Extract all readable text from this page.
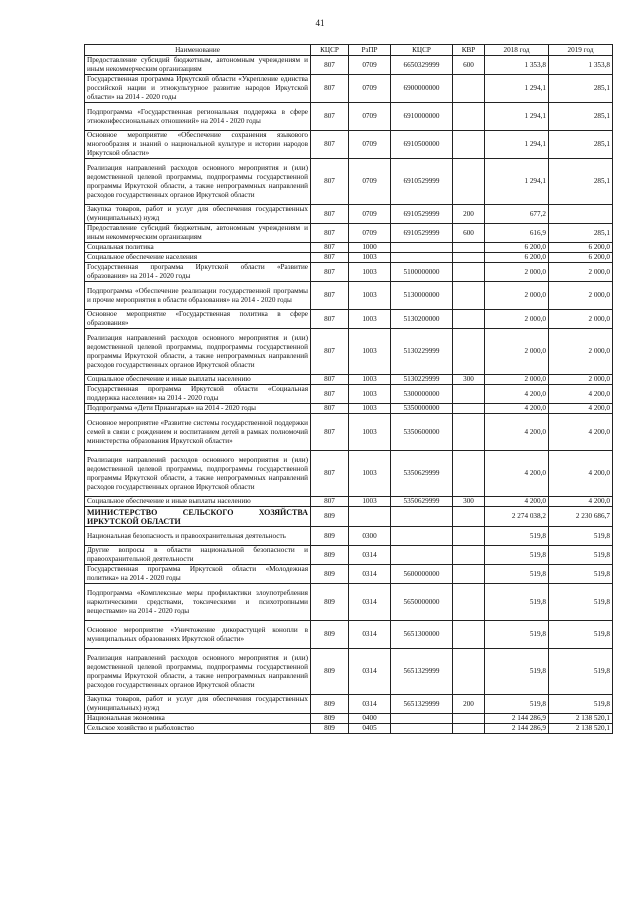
41
Наименование	КЦСР	РзПР	КЦСР	КВР	2018 год	2019 год
Предоставление субсидий бюджетным, автономным учреждениям и иным некоммерческим организациям	807	0709	6650329999	600	1 353,8	1 353,8
Государственная программа Иркутской области «Укрепление единства российской нации и этнокультурное развитие народов Иркутской области» на 2014 - 2020 годы	807	0709	6900000000		1 294,1	285,1
Подпрограмма «Государственная региональная поддержка в сфере этноконфессиональных отношений» на 2014 - 2020 годы	807	0709	6910000000		1 294,1	285,1
Основное мероприятие «Обеспечение сохранения языкового многообразия и знаний о национальной культуре и истории народов Иркутской области»	807	0709	6910500000		1 294,1	285,1
Реализация направлений расходов основного мероприятия и (или) ведомственной целевой программы, подпрограммы государственной программы Иркутской области, а также непрограммных направлений расходов государственных органов Иркутской области	807	0709	6910529999		1 294,1	285,1
Закупка товаров, работ и услуг для обеспечения государственных (муниципальных) нужд	807	0709	6910529999	200	677,2	
Предоставление субсидий бюджетным, автономным учреждениям и иным некоммерческим организациям	807	0709	6910529999	600	616,9	285,1
Социальная политика	807	1000			6 200,0	6 200,0
Социальное обеспечение населения	807	1003			6 200,0	6 200,0
Государственная программа Иркутской области «Развитие образования» на 2014 - 2020 годы	807	1003	5100000000		2 000,0	2 000,0
Подпрограмма «Обеспечение реализации государственной программы и прочие мероприятия в области образования» на 2014 - 2020 годы	807	1003	5130000000		2 000,0	2 000,0
Основное мероприятие «Государственная политика в сфере образования»	807	1003	5130200000		2 000,0	2 000,0
Реализация направлений расходов основного мероприятия и (или) ведомственной целевой программы, подпрограммы государственной программы Иркутской области, а также непрограммных направлений расходов государственных органов Иркутской области	807	1003	5130229999		2 000,0	2 000,0
Социальное обеспечение и иные выплаты населению	807	1003	5130229999	300	2 000,0	2 000,0
Государственная программа Иркутской области «Социальная поддержка населения» на 2014 - 2020 годы	807	1003	5300000000		4 200,0	4 200,0
Подпрограмма «Дети Приангарья» на 2014 - 2020 годы	807	1003	5350000000		4 200,0	4 200,0
Основное мероприятие «Развитие системы государственной поддержки семей в связи с рождением и воспитанием детей в рамках полномочий министерства образования Иркутской области»	807	1003	5350600000		4 200,0	4 200,0
Реализация направлений расходов основного мероприятия и (или) ведомственной целевой программы, подпрограммы государственной программы Иркутской области, а также непрограммных направлений расходов государственных органов Иркутской области	807	1003	5350629999		4 200,0	4 200,0
Социальное обеспечение и иные выплаты населению	807	1003	5350629999	300	4 200,0	4 200,0
МИНИСТЕРСТВО СЕЛЬСКОГО ХОЗЯЙСТВА ИРКУТСКОЙ ОБЛАСТИ	809				2 274 038,2	2 230 686,7
Национальная безопасность и правоохранительная деятельность	809	0300			519,8	519,8
Другие вопросы в области национальной безопасности и правоохранительной деятельности	809	0314			519,8	519,8
Государственная программа Иркутской области «Молодежная политика» на 2014 - 2020 годы	809	0314	5600000000		519,8	519,8
Подпрограмма «Комплексные меры профилактики злоупотребления наркотическими средствами, токсическими и психотропными веществами» на 2014 - 2020 годы	809	0314	5650000000		519,8	519,8
Основное мероприятие «Уничтожение дикорастущей конопли в муниципальных образованиях Иркутской области»	809	0314	5651300000		519,8	519,8
Реализация направлений расходов основного мероприятия и (или) ведомственной целевой программы, подпрограммы государственной программы Иркутской области, а также непрограммных направлений расходов государственных органов Иркутской области	809	0314	5651329999		519,8	519,8
Закупка товаров, работ и услуг для обеспечения государственных (муниципальных) нужд	809	0314	5651329999	200	519,8	519,8
Национальная экономика	809	0400			2 144 286,9	2 138 520,1
Сельское хозяйство и рыболовство	809	0405			2 144 286,9	2 138 520,1
